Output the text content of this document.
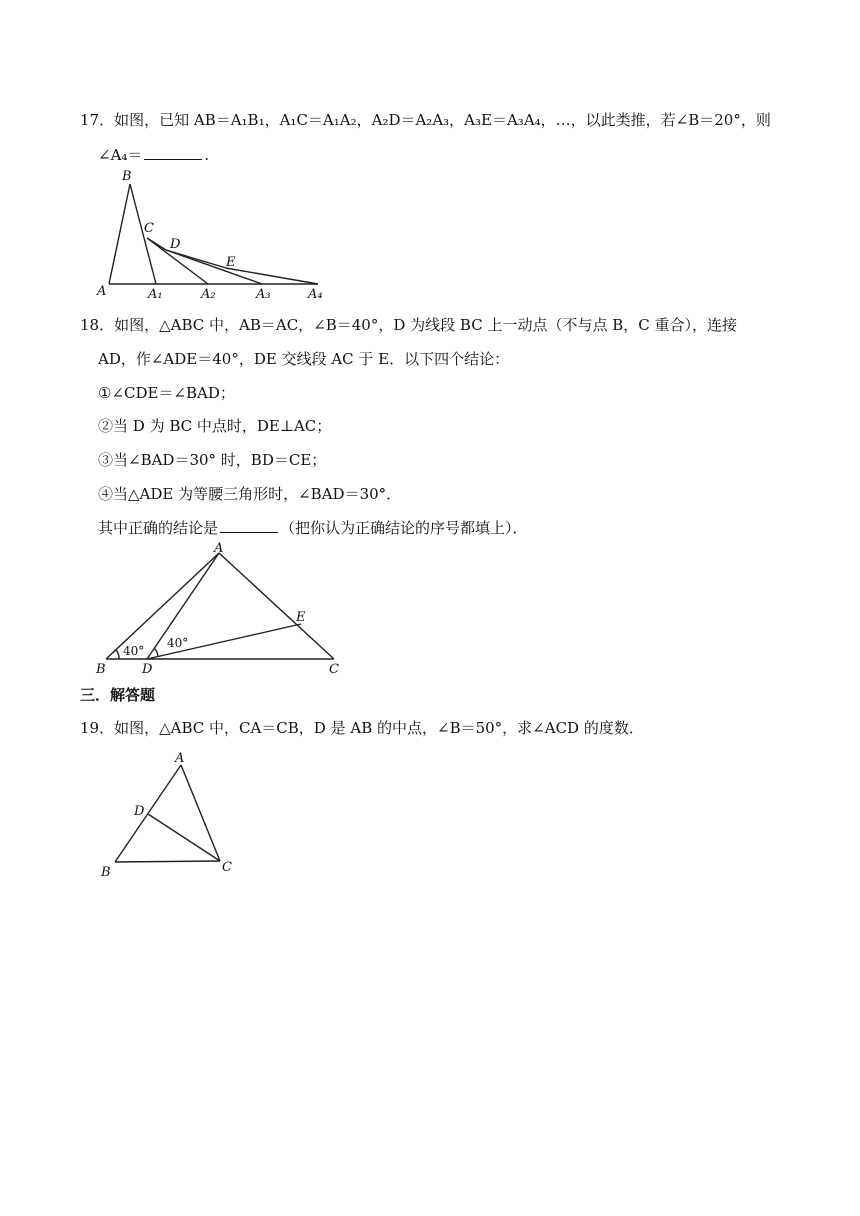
17．如图，已知 AB＝A₁B₁，A₁C＝A₁A₂，A₂D＝A₂A₃，A₃E＝A₃A₄，…，以此类推，若∠B＝20°，则
∠A₄＝	.
B
C
D
E
A	A₁	A₂	A₃	A₄
18．如图，△ABC 中，AB＝AC，∠B＝40°，D 为线段 BC 上一动点（不与点 B，C 重合），连接
AD，作∠ADE＝40°，DE 交线段 AC 于 E．以下四个结论：
①∠CDE＝∠BAD；
②当 D 为 BC 中点时，DE⊥AC；
③当∠BAD＝30° 时，BD＝CE；
④当△ADE 为等腰三角形时，∠BAD＝30°．
其中正确的结论是	（把你认为正确结论的序号都填上）．
A
B	D	C
E
40°
40°
三．解答题
19．如图，△ABC 中，CA＝CB，D 是 AB 的中点，∠B＝50°，求∠ACD 的度数．
A
D
B	C
